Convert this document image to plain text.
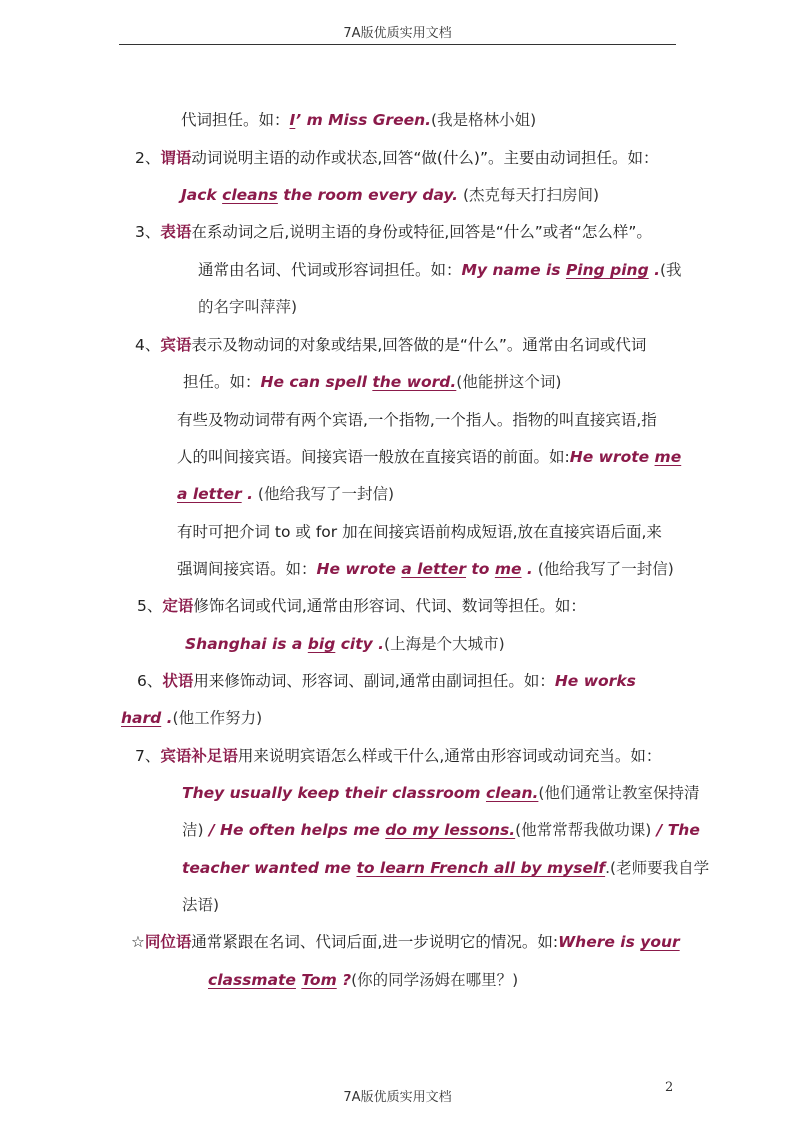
7A版优质实用文档
代词担任。如：I’ m Miss Green.(我是格林小姐)
2、谓语动词说明主语的动作或状态,回答“做(什么)”。主要由动词担任。如：
Jack cleans the room every day. (杰克每天打扫房间)
3、表语在系动词之后,说明主语的身份或特征,回答是“什么”或者“怎么样”。
通常由名词、代词或形容词担任。如：My name is Ping ping .(我
的名字叫萍萍)
4、宾语表示及物动词的对象或结果,回答做的是“什么”。通常由名词或代词
担任。如：He can spell the word.(他能拼这个词)
有些及物动词带有两个宾语,一个指物,一个指人。指物的叫直接宾语,指
人的叫间接宾语。间接宾语一般放在直接宾语的前面。如:He wrote me
a letter . (他给我写了一封信)
有时可把介词 to 或 for 加在间接宾语前构成短语,放在直接宾语后面,来
强调间接宾语。如：He wrote a letter to me . (他给我写了一封信)
5、定语修饰名词或代词,通常由形容词、代词、数词等担任。如：
Shanghai is a big city .(上海是个大城市)
6、状语用来修饰动词、形容词、副词,通常由副词担任。如：He works
hard .(他工作努力)
7、宾语补足语用来说明宾语怎么样或干什么,通常由形容词或动词充当。如：
They usually keep their classroom clean.(他们通常让教室保持清
洁) / He often helps me do my lessons.(他常常帮我做功课) / The
teacher wanted me to learn French all by myself.(老师要我自学
法语)
☆同位语通常紧跟在名词、代词后面,进一步说明它的情况。如:Where is your
classmate Tom ?(你的同学汤姆在哪里？)
2
7A版优质实用文档
